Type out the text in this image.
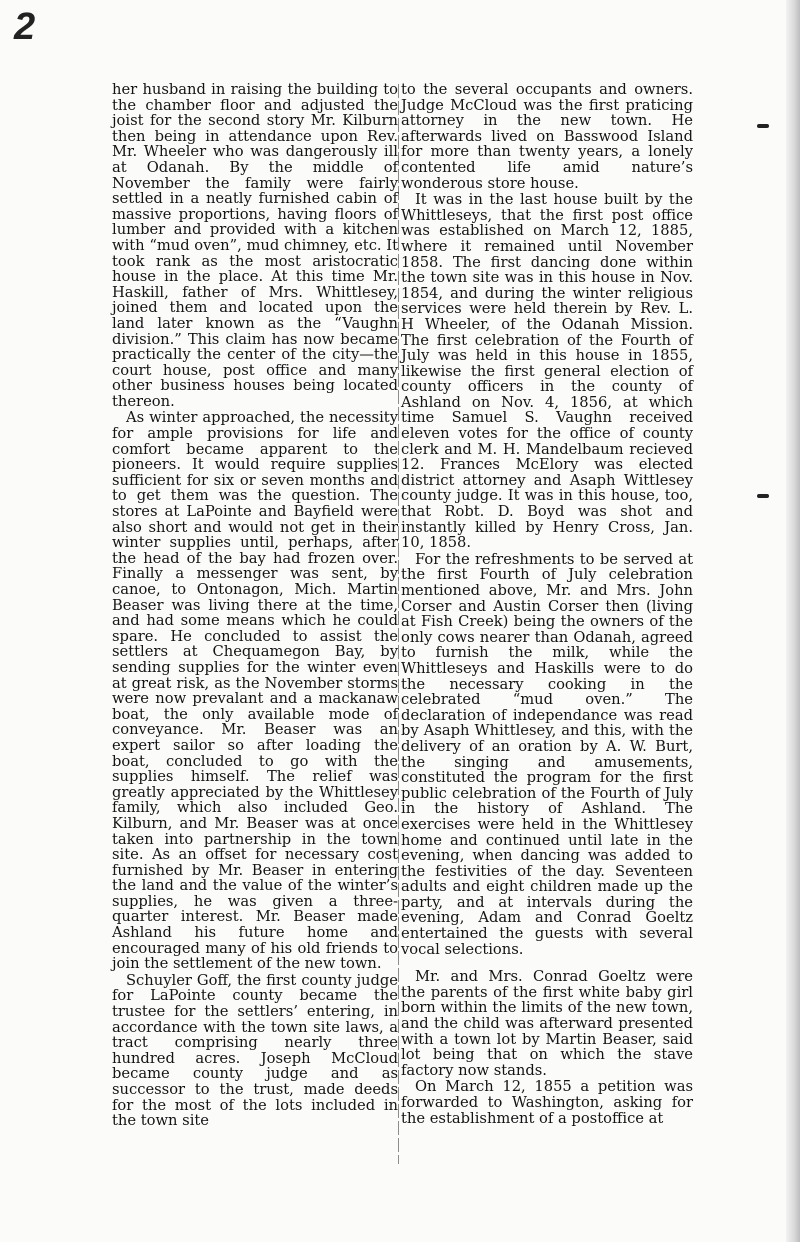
2

her husband in raising the building to the chamber floor and adjusted the joist for the second story Mr. Kilburn then being in attendance upon Rev. Mr. Wheeler who was dangerously ill at Odanah. By the middle of November the family were fairly settled in a neatly furnished cabin of massive proportions, having floors of lumber and provided with a kitchen with “mud oven”, mud chimney, etc. It took rank as the most aristocratic house in the place. At this time Mr. Haskill, father of Mrs. Whittlesey, joined them and located upon the land later known as the “Vaughn division.” This claim has now became practically the center of the city—the court house, post office and many other business houses being located thereon.

As winter approached, the necessity for ample provisions for life and comfort became apparent to the pioneers. It would require supplies sufficient for six or seven months and to get them was the question. The stores at LaPointe and Bayfield were also short and would not get in their winter supplies until, perhaps, after the head of the bay had frozen over. Finally a messenger was sent, by canoe, to Ontonagon, Mich. Martin Beaser was living there at the time, and had some means which he could spare. He concluded to assist the settlers at Chequamegon Bay, by sending supplies for the winter even at great risk, as the November storms were now prevalant and a mackanaw boat, the only available mode of conveyance. Mr. Beaser was an expert sailor so after loading the boat, concluded to go with the supplies himself. The relief was greatly appreciated by the Whittlesey family, which also included Geo. Kilburn, and Mr. Beaser was at once taken into partnership in the town site. As an offset for necessary cost furnished by Mr. Beaser in entering the land and the value of the winter’s supplies, he was given a three-quarter interest. Mr. Beaser made Ashland his future home and encouraged many of his old friends to join the settlement of the new town.

Schuyler Goff, the first county judge for LaPointe county became the trustee for the settlers’ entering, in accordance with the town site laws, a tract comprising nearly three hundred acres. Joseph McCloud became county judge and as successor to the trust, made deeds for the most of the lots included in the town site

to the several occupants and owners. Judge McCloud was the first praticing attorney in the new town. He afterwards lived on Basswood Island for more than twenty years, a lonely contented life amid nature’s wonderous store house.

It was in the last house built by the Whittleseys, that the first post office was established on March 12, 1885, where it remained until November 1858. The first dancing done within the town site was in this house in Nov. 1854, and during the winter religious services were held therein by Rev. L. H Wheeler, of the Odanah Mission. The first celebration of the Fourth of July was held in this house in 1855, likewise the first general election of county officers in the county of Ashland on Nov. 4, 1856, at which time Samuel S. Vaughn received eleven votes for the office of county clerk and M. H. Mandelbaum recieved 12. Frances McElory was elected district attorney and Asaph Wittlesey county judge. It was in this house, too, that Robt. D. Boyd was shot and instantly killed by Henry Cross, Jan. 10, 1858.

For the refreshments to be served at the first Fourth of July celebration mentioned above, Mr. and Mrs. John Corser and Austin Corser then (living at Fish Creek) being the owners of the only cows nearer than Odanah, agreed to furnish the milk, while the Whittleseys and Haskills were to do the necessary cooking in the celebrated “mud oven.” The declaration of independance was read by Asaph Whittlesey, and this, with the delivery of an oration by A. W. Burt, the singing and amusements, constituted the program for the first public celebration of the Fourth of July in the history of Ashland. The exercises were held in the Whittlesey home and continued until late in the evening, when dancing was added to the festivities of the day. Seventeen adults and eight children made up the party, and at intervals during the evening, Adam and Conrad Goeltz entertained the guests with several vocal selections.

Mr. and Mrs. Conrad Goeltz were the parents of the first white baby girl born within the limits of the new town, and the child was afterward presented with a town lot by Martin Beaser, said lot being that on which the stave factory now stands.

On March 12, 1855 a petition was forwarded to Washington, asking for the establishment of a postoffice at
